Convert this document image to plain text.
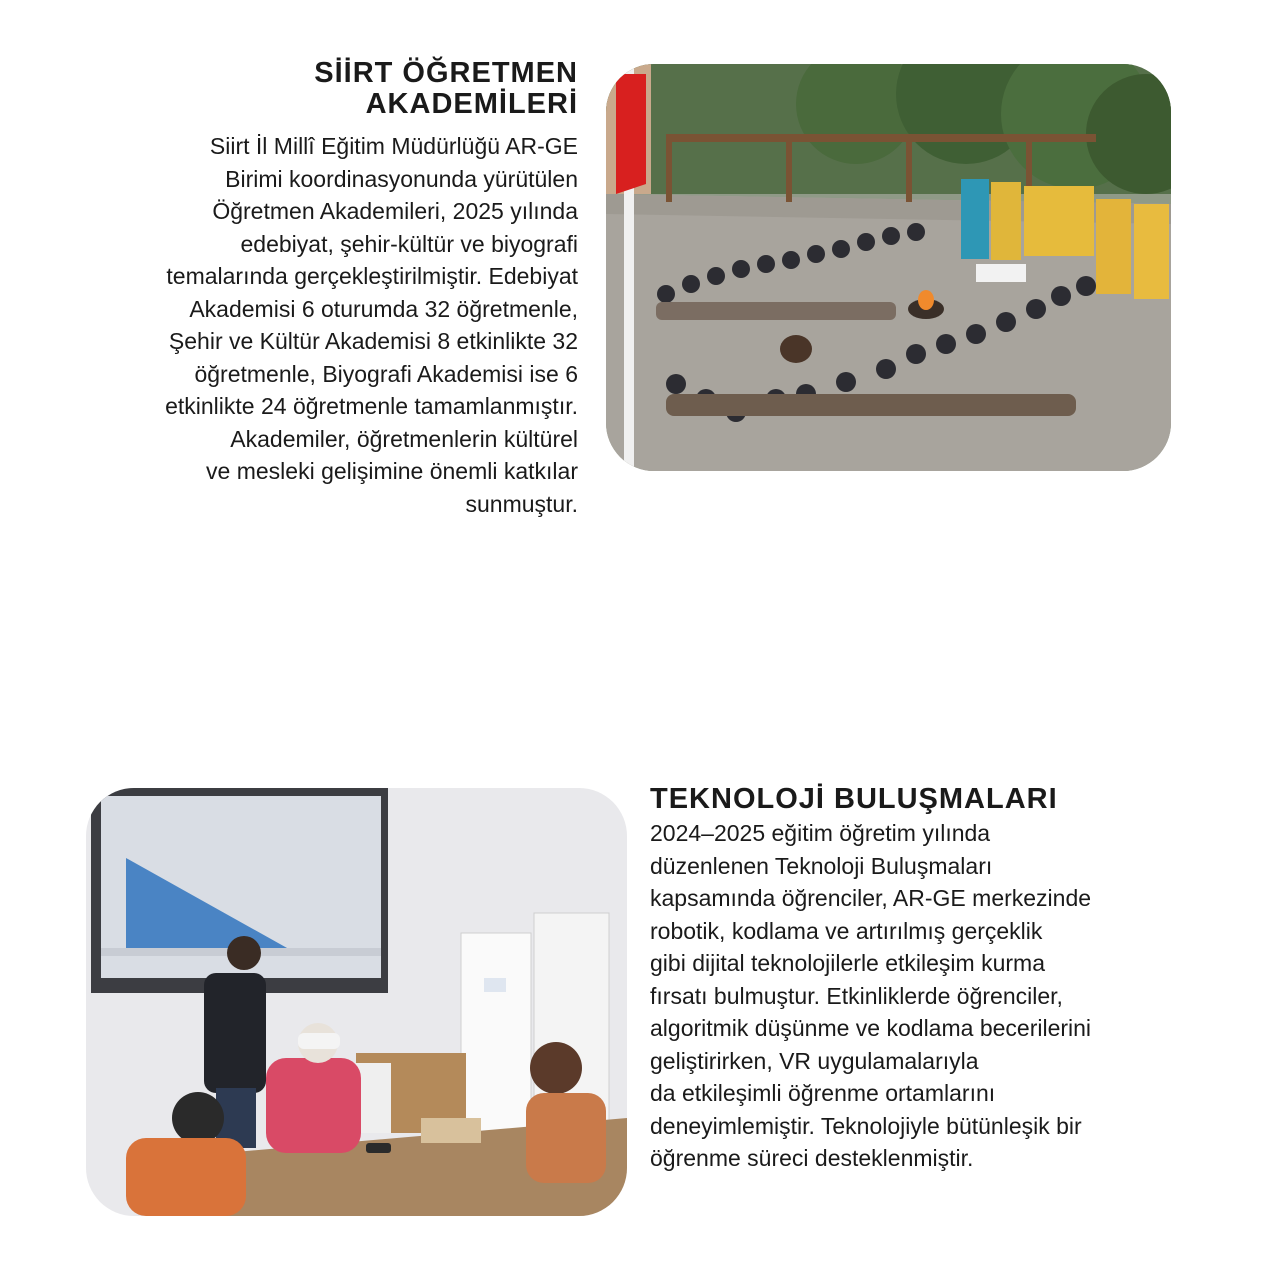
SİİRT ÖĞRETMEN
AKADEMİLERİ

Siirt İl Millî Eğitim Müdürlüğü AR-GE
Birimi koordinasyonunda yürütülen
Öğretmen Akademileri, 2025 yılında
edebiyat, şehir-kültür ve biyografi
temalarında gerçekleştirilmiştir. Edebiyat
Akademisi 6 oturumda 32 öğretmenle,
Şehir ve Kültür Akademisi 8 etkinlikte 32
öğretmenle, Biyografi Akademisi ise 6
etkinlikte 24 öğretmenle tamamlanmıştır.
Akademiler, öğretmenlerin kültürel
ve mesleki gelişimine önemli katkılar
sunmuştur.

TEKNOLOJİ BULUŞMALARI

2024–2025 eğitim öğretim yılında
düzenlenen Teknoloji Buluşmaları
kapsamında öğrenciler, AR-GE merkezinde
robotik, kodlama ve artırılmış gerçeklik
gibi dijital teknolojilerle etkileşim kurma
fırsatı bulmuştur. Etkinliklerde öğrenciler,
algoritmik düşünme ve kodlama becerilerini
geliştirirken, VR uygulamalarıyla
da etkileşimli öğrenme ortamlarını
deneyimlemiştir. Teknolojiyle bütünleşik bir
öğrenme süreci desteklenmiştir.
